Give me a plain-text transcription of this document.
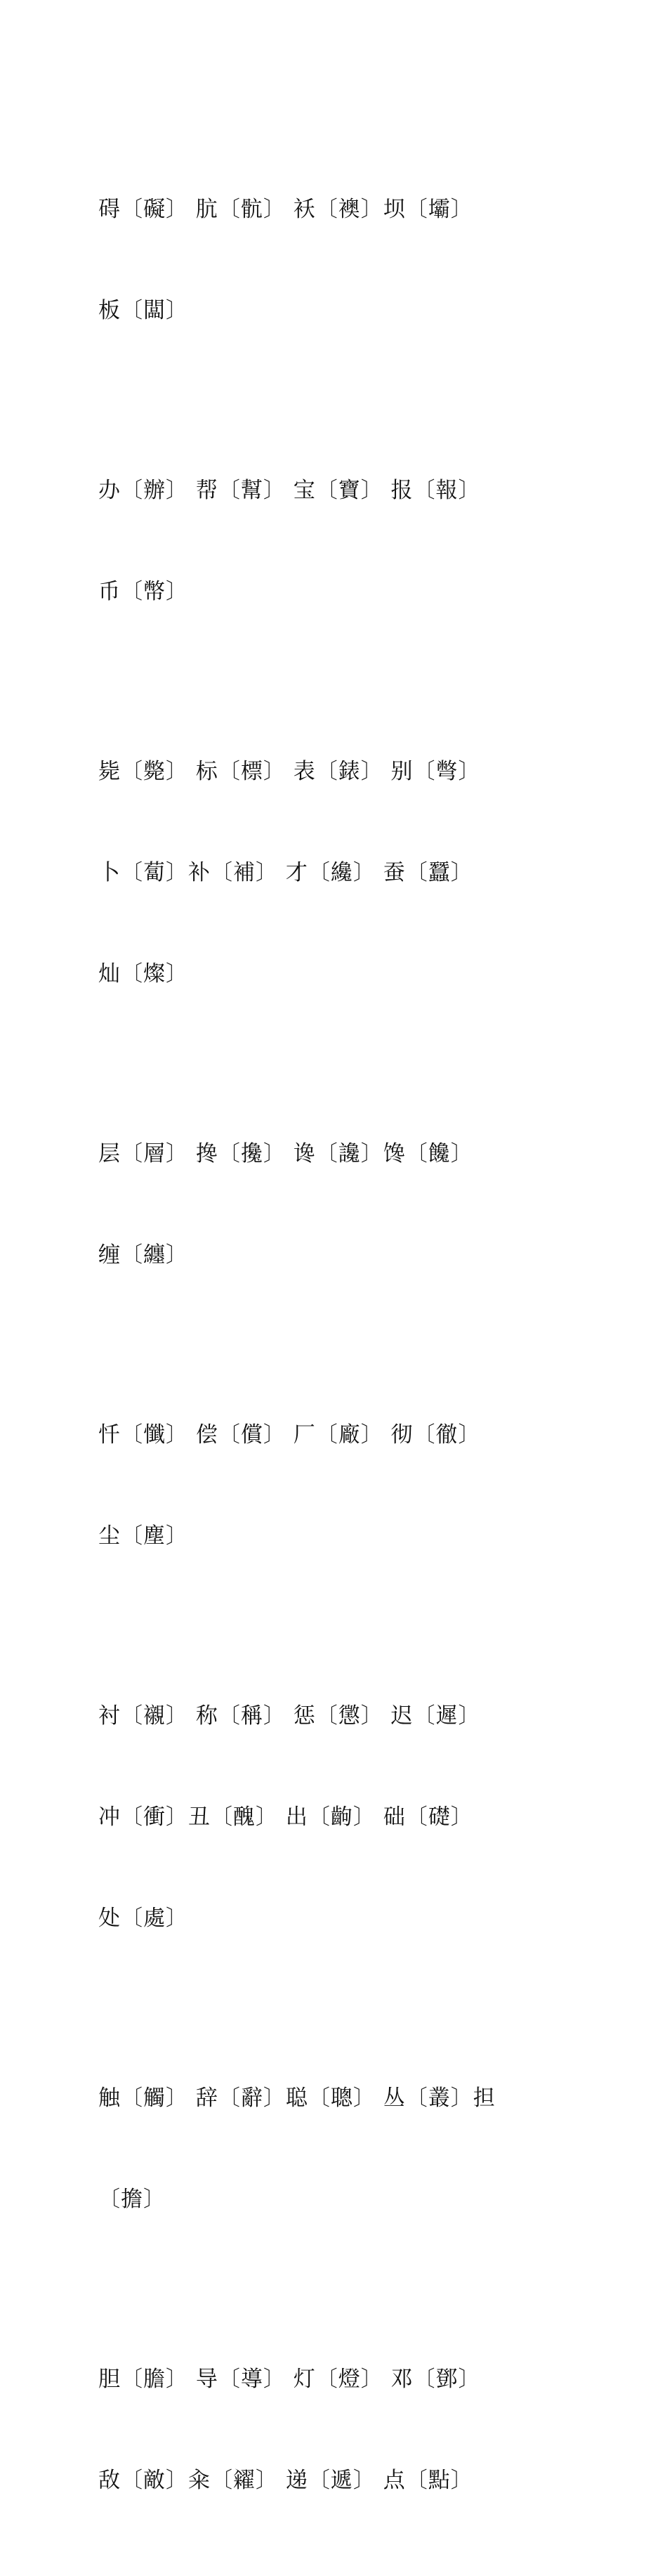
碍〔礙〕 肮〔骯〕 袄〔襖〕坝〔壩〕

板〔闆〕

办〔辦〕 帮〔幫〕 宝〔寶〕 报〔報〕

币〔幣〕

毙〔斃〕 标〔標〕 表〔錶〕 别〔彆〕

卜〔蔔〕补〔補〕 才〔纔〕 蚕〔蠶〕

灿〔燦〕

层〔層〕 搀〔攙〕 谗〔讒〕馋〔饞〕

缠〔纏〕

忏〔懺〕 偿〔償〕 厂〔廠〕 彻〔徹〕

尘〔塵〕

衬〔襯〕 称〔稱〕 惩〔懲〕 迟〔遲〕

冲〔衝〕丑〔醜〕 出〔齣〕 础〔礎〕

处〔處〕

触〔觸〕 辞〔辭〕聪〔聰〕 丛〔叢〕担

〔擔〕

胆〔膽〕 导〔導〕 灯〔燈〕 邓〔鄧〕

敌〔敵〕籴〔糴〕 递〔遞〕 点〔點〕
